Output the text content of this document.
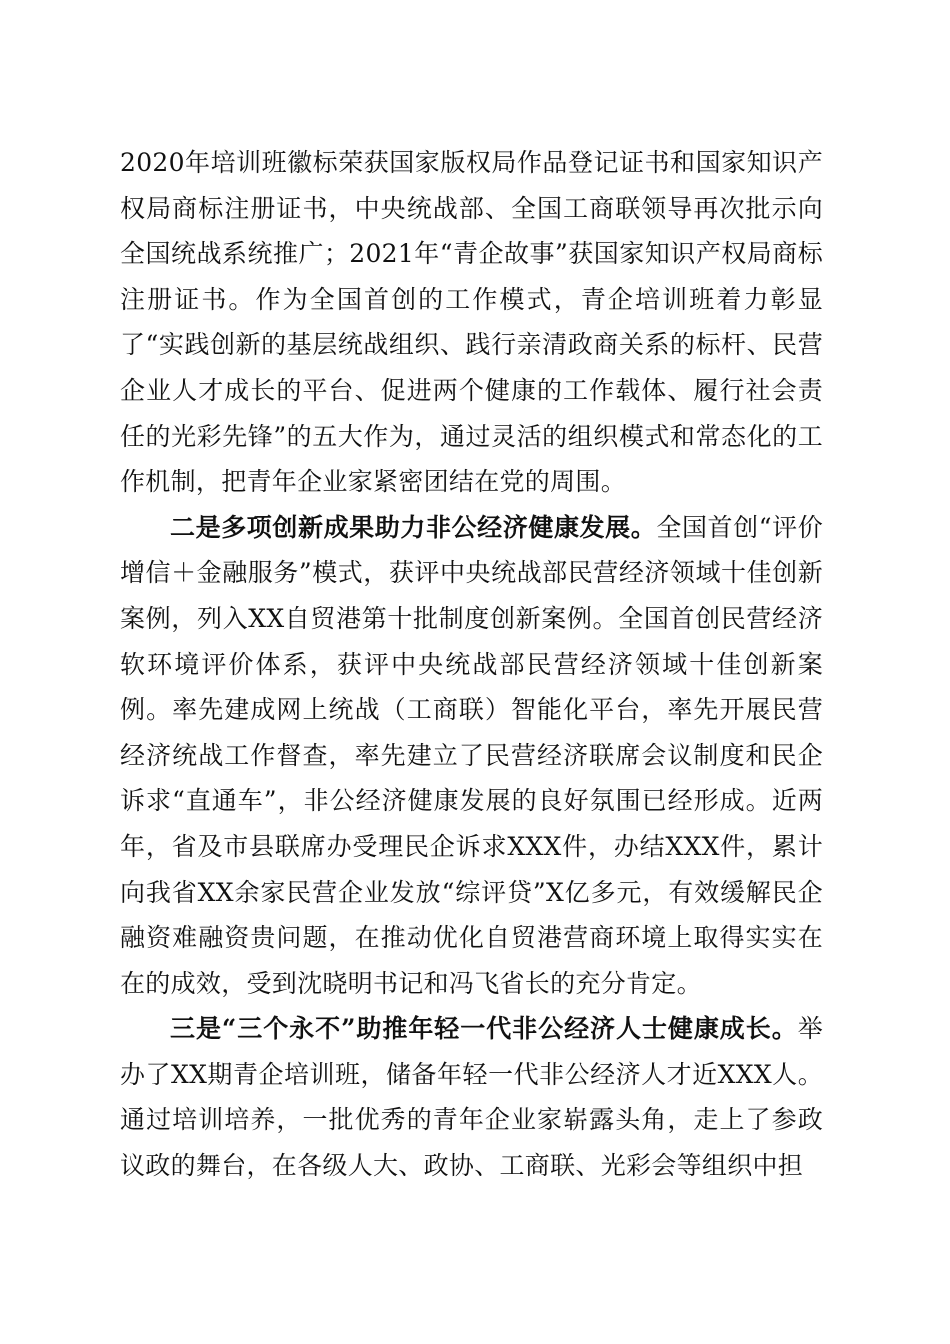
2020年培训班徽标荣获国家版权局作品登记证书和国家知识产权局商标注册证书，中央统战部、全国工商联领导再次批示向全国统战系统推广；2021年“青企故事”获国家知识产权局商标注册证书。作为全国首创的工作模式，青企培训班着力彰显了“实践创新的基层统战组织、践行亲清政商关系的标杆、民营企业人才成长的平台、促进两个健康的工作载体、履行社会责任的光彩先锋”的五大作为，通过灵活的组织模式和常态化的工作机制，把青年企业家紧密团结在党的周围。

二是多项创新成果助力非公经济健康发展。全国首创“评价增信＋金融服务”模式，获评中央统战部民营经济领域十佳创新案例，列入XX自贸港第十批制度创新案例。全国首创民营经济软环境评价体系，获评中央统战部民营经济领域十佳创新案例。率先建成网上统战（工商联）智能化平台，率先开展民营经济统战工作督查，率先建立了民营经济联席会议制度和民企诉求“直通车”，非公经济健康发展的良好氛围已经形成。近两年，省及市县联席办受理民企诉求XXX件，办结XXX件，累计向我省XX余家民营企业发放“综评贷”X亿多元，有效缓解民企融资难融资贵问题，在推动优化自贸港营商环境上取得实实在在的成效，受到沈晓明书记和冯飞省长的充分肯定。

三是“三个永不”助推年轻一代非公经济人士健康成长。举办了XX期青企培训班，储备年轻一代非公经济人才近XXX人。通过培训培养，一批优秀的青年企业家崭露头角，走上了参政议政的舞台，在各级人大、政协、工商联、光彩会等组织中担
